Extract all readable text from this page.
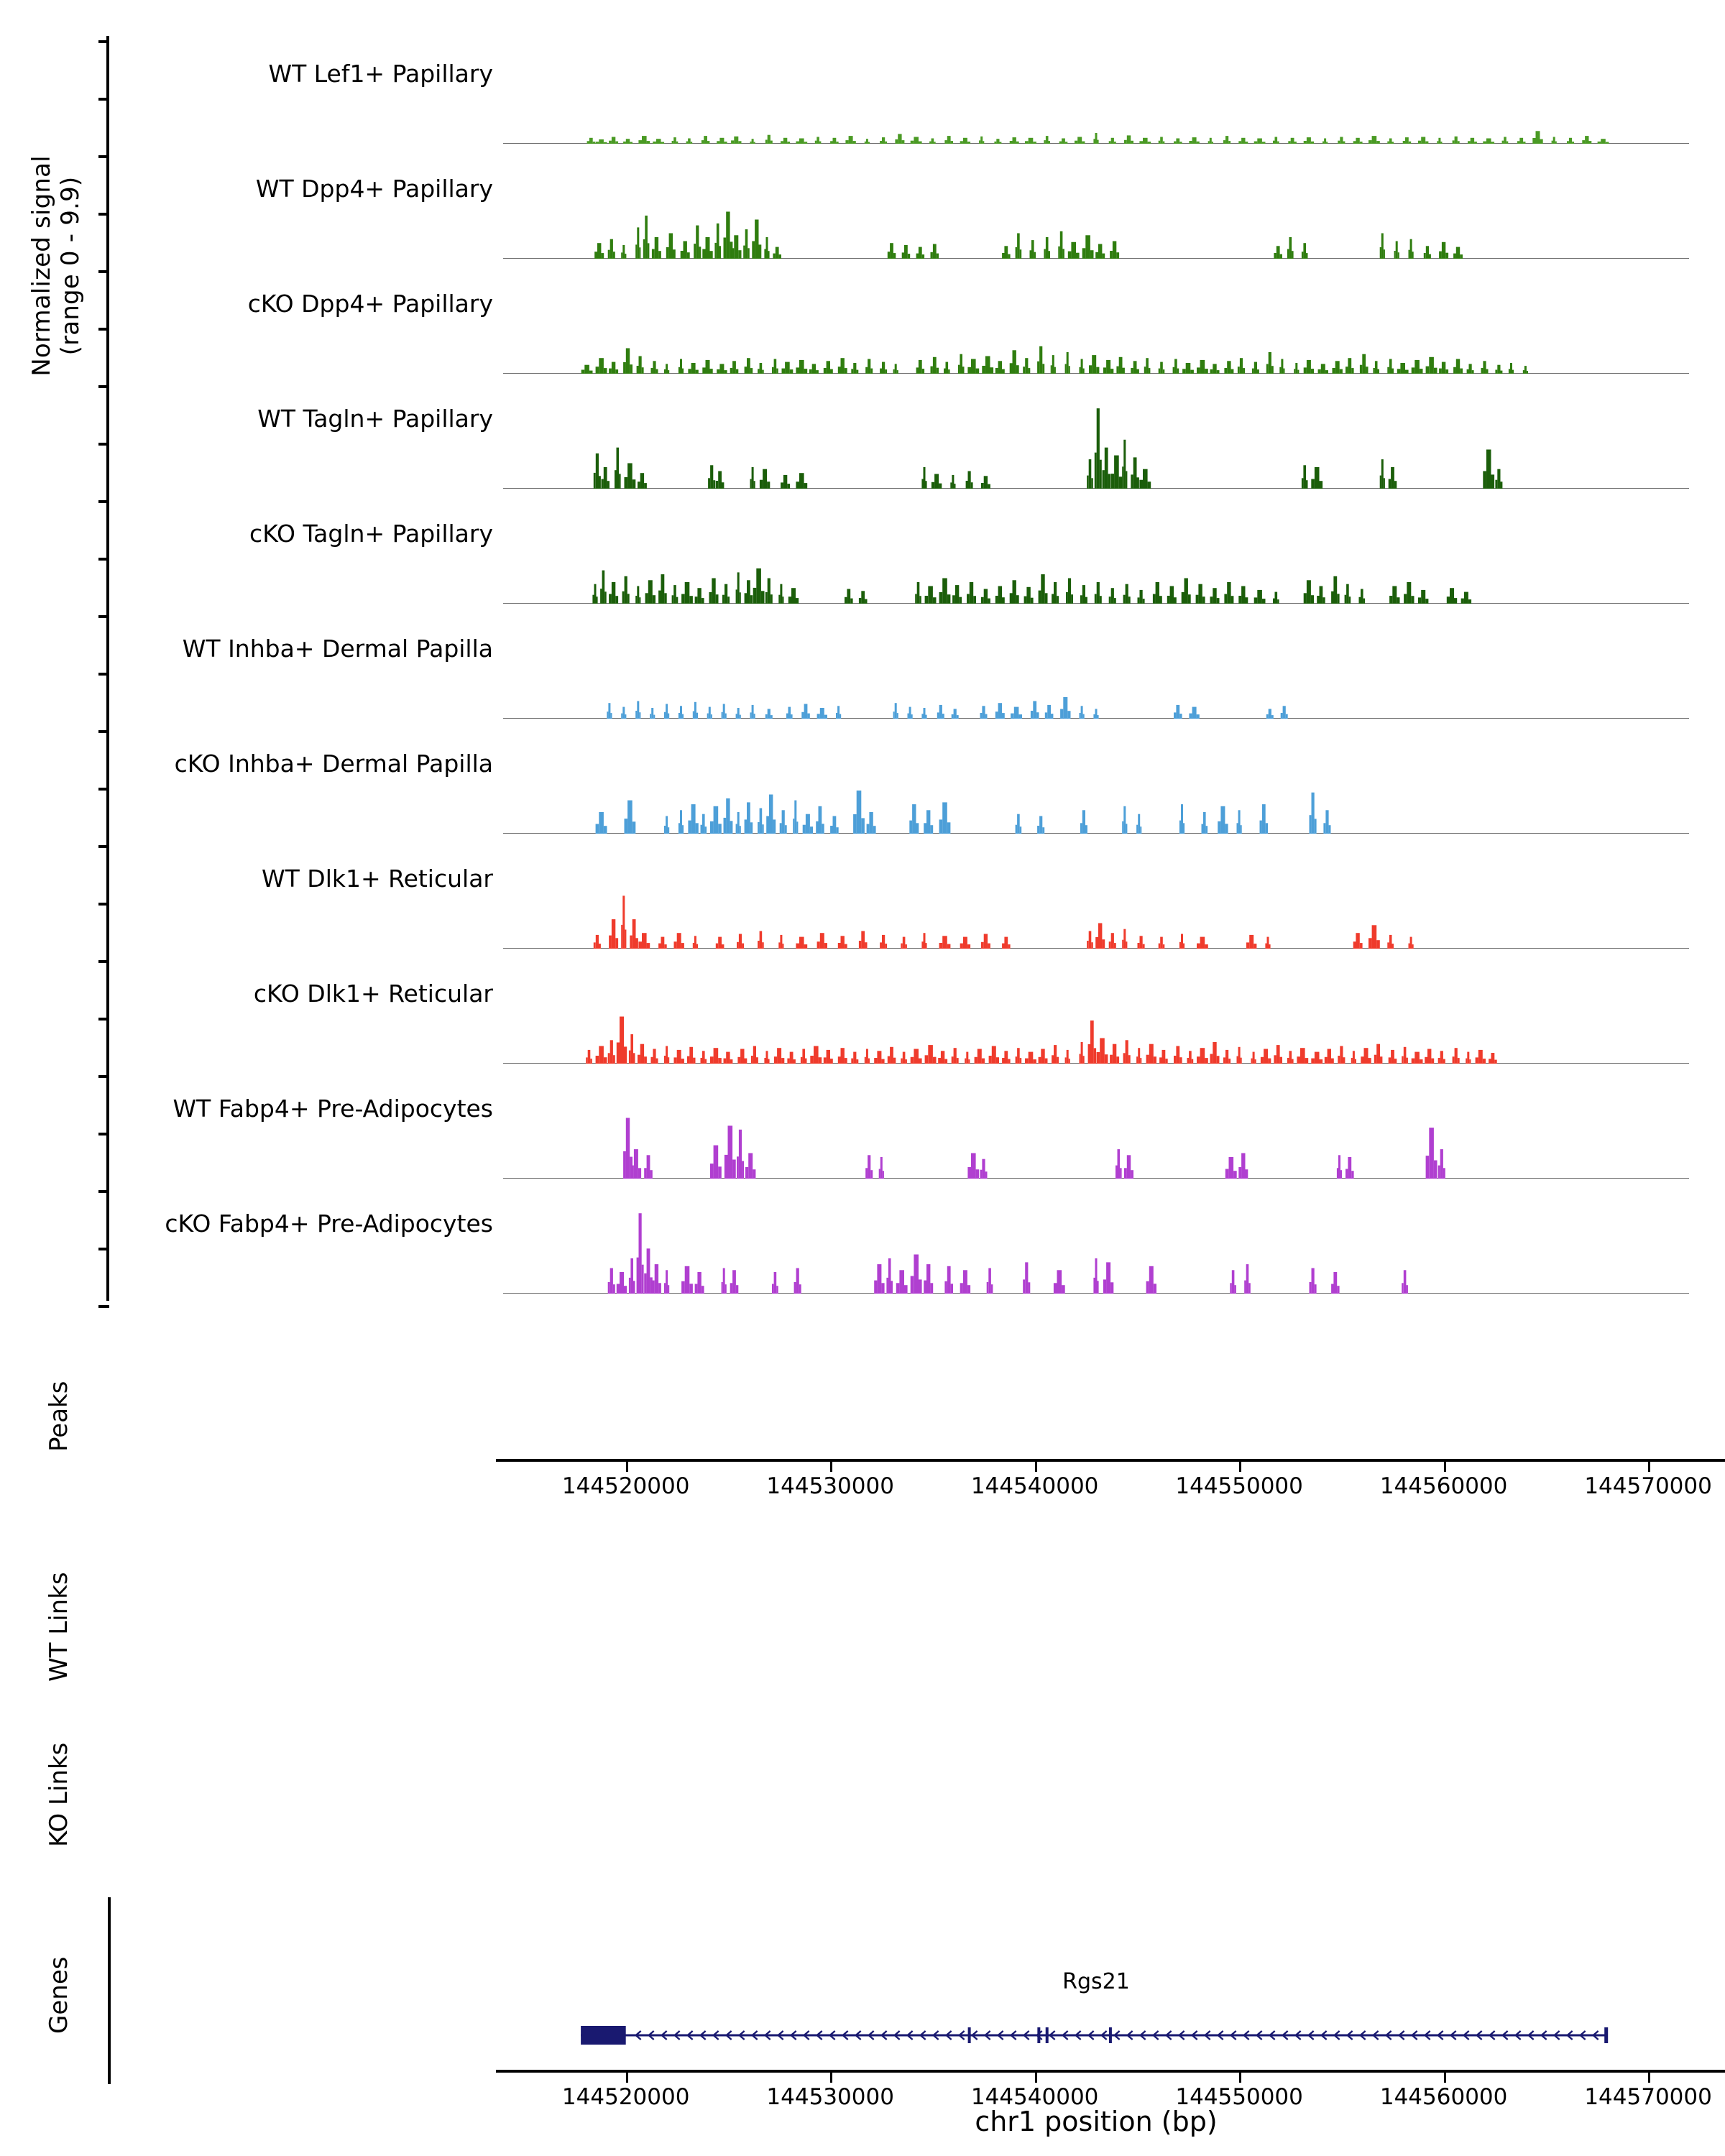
Normalized signal
(range 0 - 9.9)
Peaks
WT Links
KO Links
Genes
WT Lef1+ Papillary
WT Dpp4+ Papillary
cKO Dpp4+ Papillary
WT Tagln+ Papillary
cKO Tagln+ Papillary
WT Inhba+ Dermal Papilla
cKO Inhba+ Dermal Papilla
WT Dlk1+ Reticular
cKO Dlk1+ Reticular
WT Fabp4+ Pre-Adipocytes
cKO Fabp4+ Pre-Adipocytes
144520000	144530000	144540000	144550000	144560000	144570000
Rgs21
144520000	144530000	144540000	144550000	144560000	144570000
chr1 position (bp)
